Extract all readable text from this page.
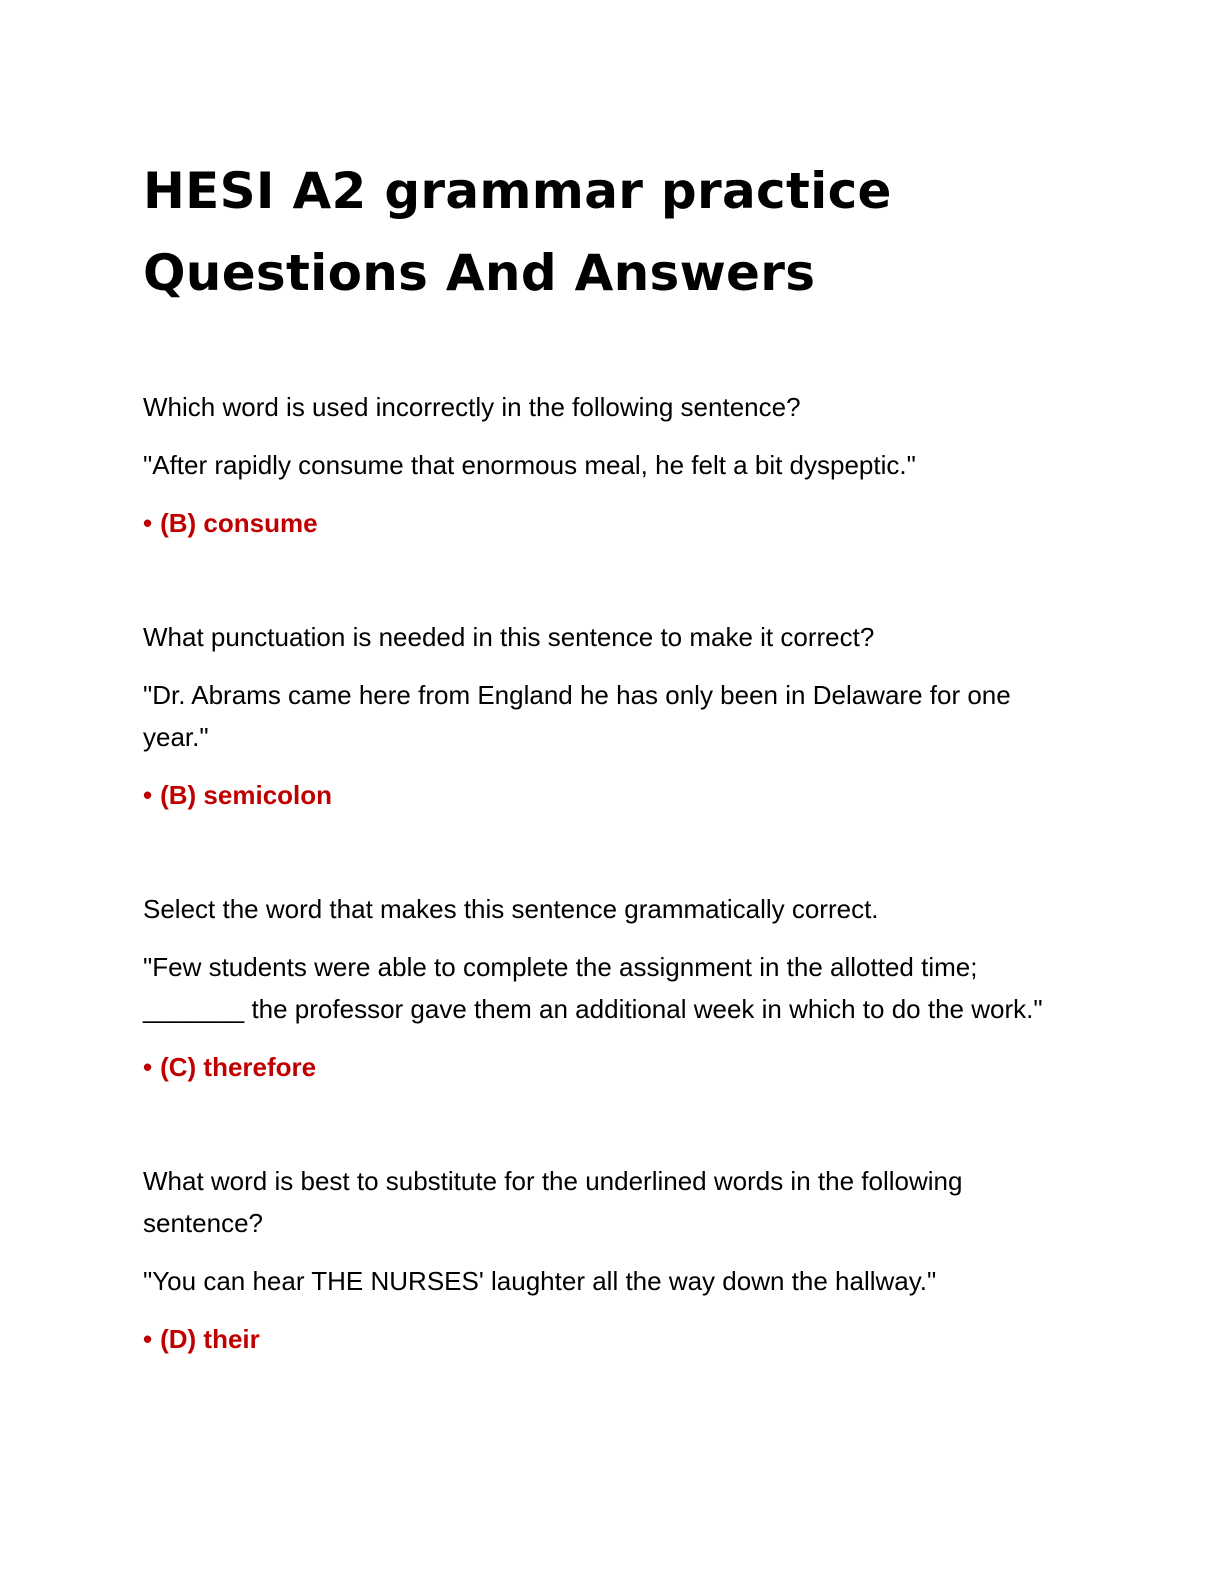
HESI A2 grammar practice
Questions And Answers

Which word is used incorrectly in the following sentence?

"After rapidly consume that enormous meal, he felt a bit dyspeptic."

• (B) consume

What punctuation is needed in this sentence to make it correct?

"Dr. Abrams came here from England he has only been in Delaware for one year."

• (B) semicolon

Select the word that makes this sentence grammatically correct.

"Few students were able to complete the assignment in the allotted time; _______ the professor gave them an additional week in which to do the work."

• (C) therefore

What word is best to substitute for the underlined words in the following sentence?

"You can hear THE NURSES' laughter all the way down the hallway."

• (D) their
